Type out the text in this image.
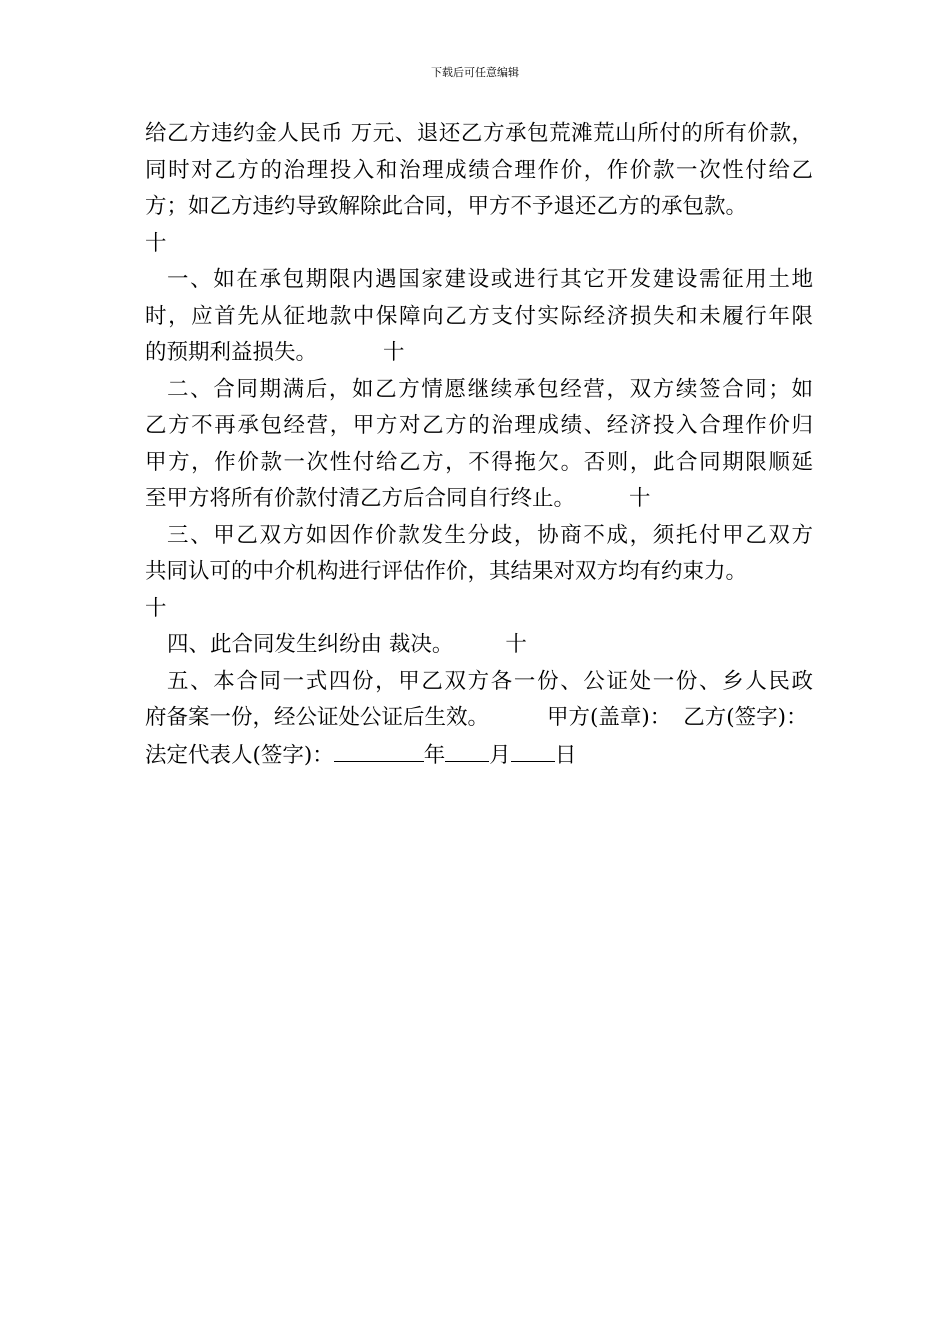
下载后可任意编辑
给乙方违约金人民币 万元、退还乙方承包荒滩荒山所付的所有价款，
同时对乙方的治理投入和治理成绩合理作价，作价款一次性付给乙
方；如乙方违约导致解除此合同，甲方不予退还乙方的承包款。
十
一、如在承包期限内遇国家建设或进行其它开发建设需征用土地
时，应首先从征地款中保障向乙方支付实际经济损失和未履行年限
的预期利益损失。	十
二、合同期满后，如乙方情愿继续承包经营，双方续签合同；如
乙方不再承包经营，甲方对乙方的治理成绩、经济投入合理作价归
甲方，作价款一次性付给乙方，不得拖欠。否则，此合同期限顺延
至甲方将所有价款付清乙方后合同自行终止。	十
三、甲乙双方如因作价款发生分歧，协商不成，须托付甲乙双方
共同认可的中介机构进行评估作价，其结果对双方均有约束力。
十
四、此合同发生纠纷由 裁决。 十
五、本合同一式四份，甲乙双方各一份、公证处一份、乡人民政
府备案一份，经公证处公证后生效。	甲方(盖章)： 乙方(签字)：
法定代表人(签字)：	年 月 日
